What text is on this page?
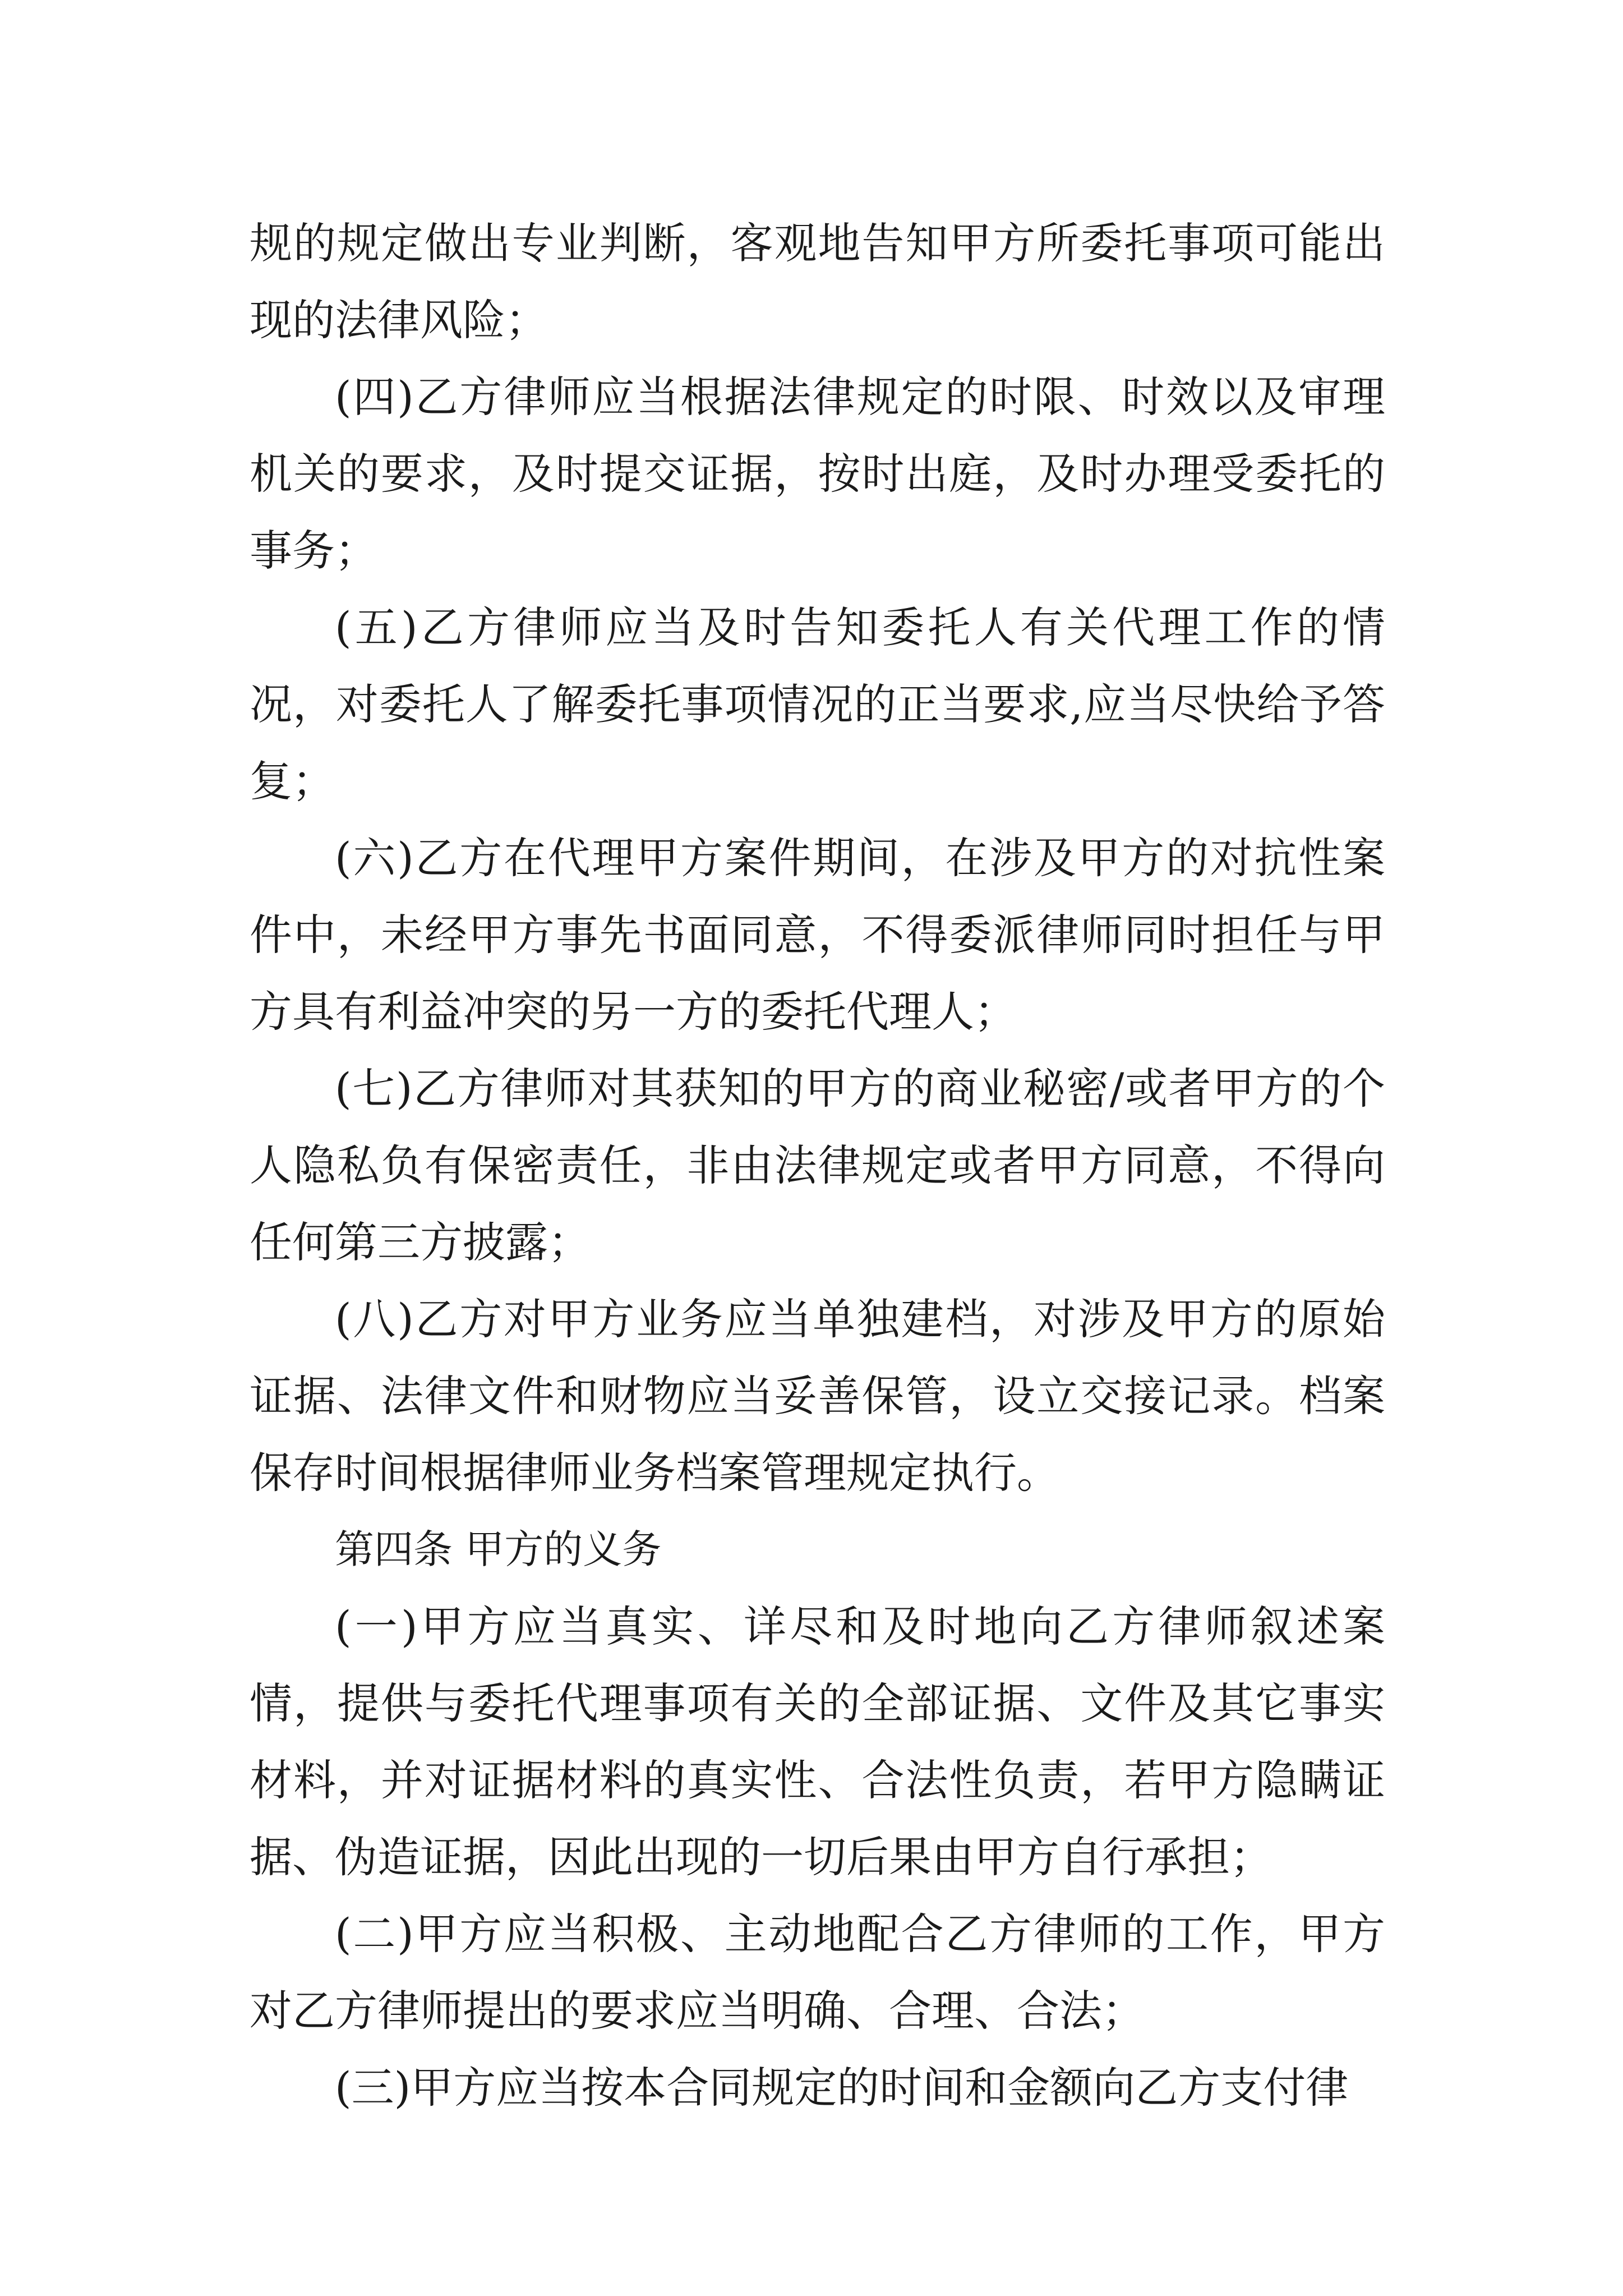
规的规定做出专业判断，客观地告知甲方所委托事项可能出现的法律风险；

(四)乙方律师应当根据法律规定的时限、时效以及审理机关的要求，及时提交证据，按时出庭，及时办理受委托的事务；

(五)乙方律师应当及时告知委托人有关代理工作的情况，对委托人了解委托事项情况的正当要求,应当尽快给予答复；

(六)乙方在代理甲方案件期间，在涉及甲方的对抗性案件中，未经甲方事先书面同意，不得委派律师同时担任与甲方具有利益冲突的另一方的委托代理人；

(七)乙方律师对其获知的甲方的商业秘密/或者甲方的个人隐私负有保密责任，非由法律规定或者甲方同意，不得向任何第三方披露；

(八)乙方对甲方业务应当单独建档，对涉及甲方的原始证据、法律文件和财物应当妥善保管，设立交接记录。档案保存时间根据律师业务档案管理规定执行。

第四条 甲方的义务

(一)甲方应当真实、详尽和及时地向乙方律师叙述案情，提供与委托代理事项有关的全部证据、文件及其它事实材料，并对证据材料的真实性、合法性负责，若甲方隐瞒证据、伪造证据，因此出现的一切后果由甲方自行承担；

(二)甲方应当积极、主动地配合乙方律师的工作，甲方对乙方律师提出的要求应当明确、合理、合法；

(三)甲方应当按本合同规定的时间和金额向乙方支付律
